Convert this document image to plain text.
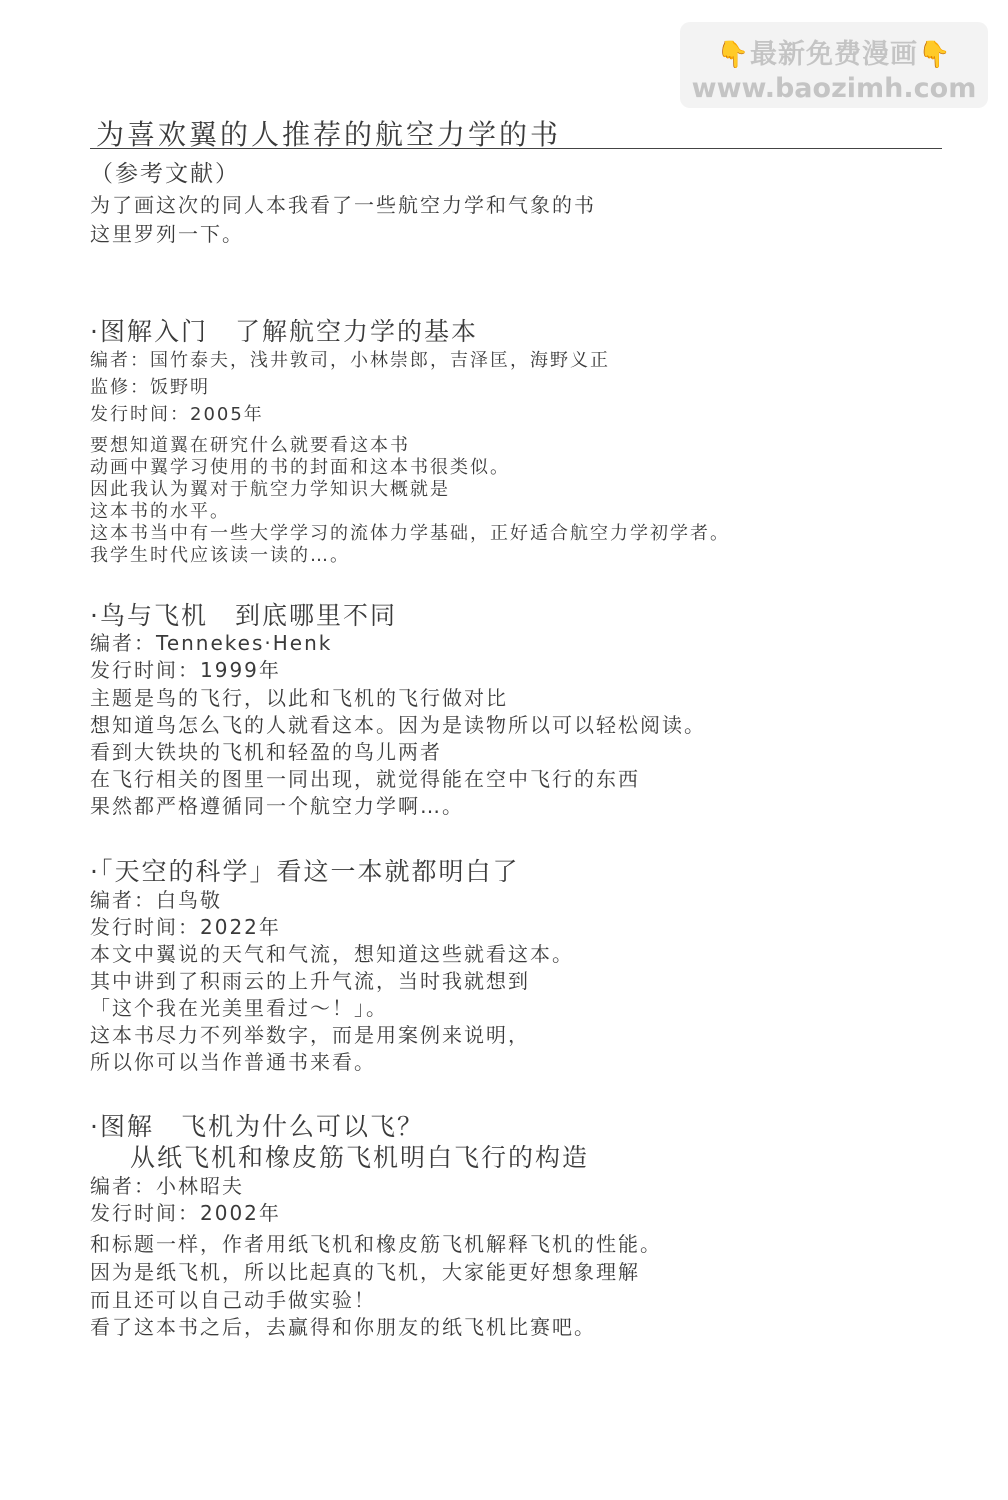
👇最新免费漫画👇
www.baozimh.com
为喜欢翼的人推荐的航空力学的书
（参考文献）
为了画这次的同人本我看了一些航空力学和气象的书
这里罗列一下。
·图解入门　了解航空力学的基本
编者：国竹泰夫，浅井敦司，小林崇郎，吉泽匡，海野义正
监修：饭野明
发行时间：2005年
要想知道翼在研究什么就要看这本书
动画中翼学习使用的书的封面和这本书很类似。
因此我认为翼对于航空力学知识大概就是
这本书的水平。
这本书当中有一些大学学习的流体力学基础，正好适合航空力学初学者。
我学生时代应该读一读的…。
·鸟与飞机　到底哪里不同
编者：Tennekes·Henk
发行时间：1999年
主题是鸟的飞行，以此和飞机的飞行做对比
想知道鸟怎么飞的人就看这本。因为是读物所以可以轻松阅读。
看到大铁块的飞机和轻盈的鸟儿两者
在飞行相关的图里一同出现，就觉得能在空中飞行的东西
果然都严格遵循同一个航空力学啊…。
·「天空的科学」看这一本就都明白了
编者：白鸟敬
发行时间：2022年
本文中翼说的天气和气流，想知道这些就看这本。
其中讲到了积雨云的上升气流，当时我就想到
「这个我在光美里看过～！」。
这本书尽力不列举数字，而是用案例来说明，
所以你可以当作普通书来看。
·图解　飞机为什么可以飞？
从纸飞机和橡皮筋飞机明白飞行的构造
编者：小林昭夫
发行时间：2002年
和标题一样，作者用纸飞机和橡皮筋飞机解释飞机的性能。
因为是纸飞机，所以比起真的飞机，大家能更好想象理解
而且还可以自己动手做实验！
看了这本书之后，去赢得和你朋友的纸飞机比赛吧。
